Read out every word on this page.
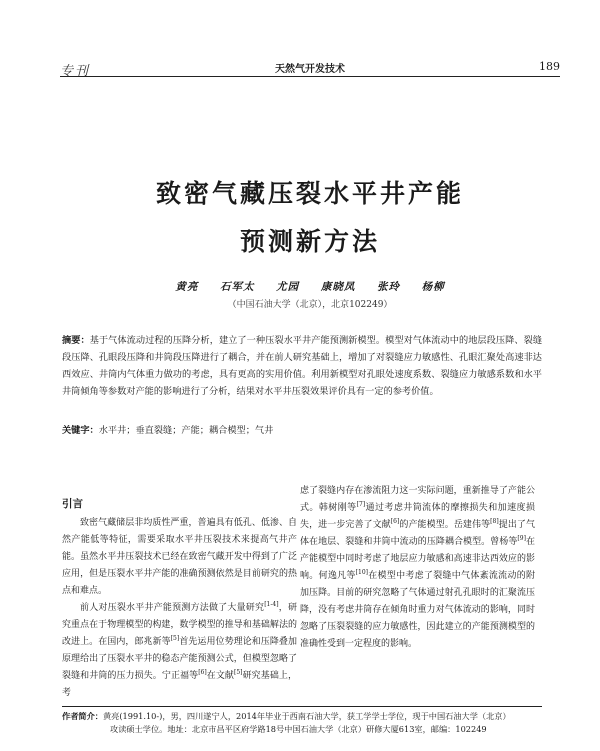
专刊	天然气开发技术	189
致密气藏压裂水平井产能
预测新方法
黄亮 石军太 尤园 康晓凤 张玲 杨柳
（中国石油大学（北京），北京102249）
摘要：基于气体流动过程的压降分析，建立了一种压裂水平井产能预测新模型。模型对气体流动中的地层段压降、裂缝段压降、孔眼段压降和井筒段压降进行了耦合，并在前人研究基础上，增加了对裂缝应力敏感性、孔眼汇聚处高速非达西效应、井筒内气体重力做功的考虑，具有更高的实用价值。利用新模型对孔眼处速度系数、裂缝应力敏感系数和水平井筒倾角等参数对产能的影响进行了分析，结果对水平井压裂效果评价具有一定的参考价值。
关键字：水平井；垂直裂缝；产能；耦合模型；气井
引言

致密气藏储层非均质性严重，普遍具有低孔、低渗、自然产能低等特征，需要采取水平井压裂技术来提高气井产能。虽然水平井压裂技术已经在致密气藏开发中得到了广泛应用，但是压裂水平井产能的准确预测依然是目前研究的热点和难点。

前人对压裂水平井产能预测方法做了大量研究[1-4]，研究重点在于物理模型的构建，数学模型的推导和基础解法的改进上。在国内，郎兆新等[5]首先运用位势理论和压降叠加原理给出了压裂水平井的稳态产能预测公式，但模型忽略了裂缝和井筒的压力损失。宁正福等[6]在文献[5]研究基础上，考

虑了裂缝内存在渗流阻力这一实际问题，重新推导了产能公式。韩树刚等[7]通过考虑井筒流体的摩擦损失和加速度损失，进一步完善了文献[6]的产能模型。岳建伟等[8]提出了气体在地层、裂缝和井筒中流动的压降耦合模型。曾杨等[9]在产能模型中同时考虑了地层应力敏感和高速非达西效应的影响。何逸凡等[10]在模型中考虑了裂缝中气体紊流流动的附加压降。目前的研究忽略了气体通过射孔孔眼时的汇聚流压降，没有考虑井筒存在倾角时重力对气体流动的影响，同时忽略了压裂裂缝的应力敏感性，因此建立的产能预测模型的准确性受到一定程度的影响。

作者简介：黄亮(1991.10-)，男，四川遂宁人，2014年毕业于西南石油大学，获工学学士学位，现于中国石油大学（北京）
攻读硕士学位。地址：北京市昌平区府学路18号中国石油大学（北京）研修大厦613室，邮编：102249
